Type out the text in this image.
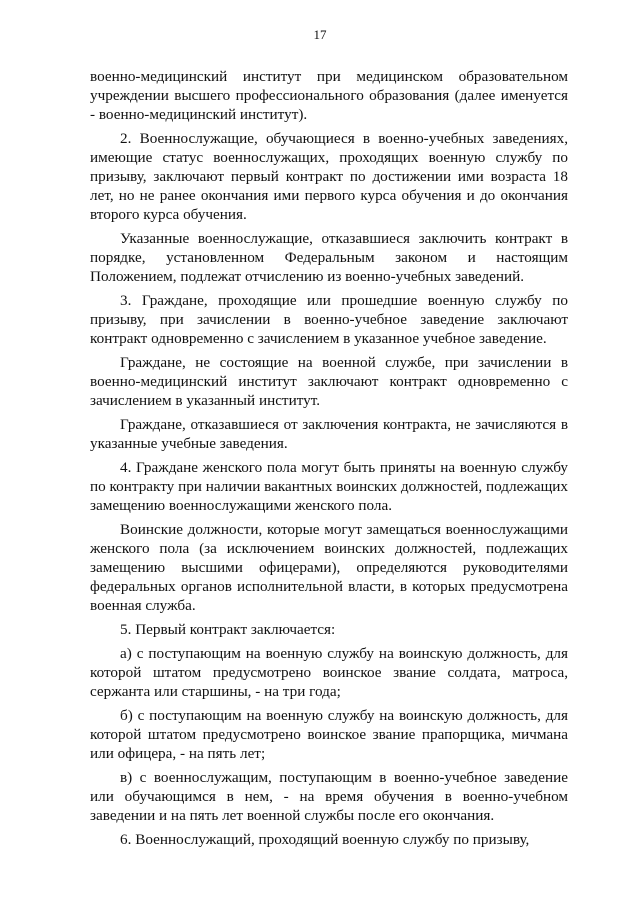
17

военно-медицинский институт при медицинском образовательном учреждении высшего профессионального образования (далее именуется - военно-медицинский институт).

2. Военнослужащие, обучающиеся в военно-учебных заведениях, имеющие статус военнослужащих, проходящих военную службу по призыву, заключают первый контракт по достижении ими возраста 18 лет, но не ранее окончания ими первого курса обучения и до окончания второго курса обучения.

Указанные военнослужащие, отказавшиеся заключить контракт в порядке, установленном Федеральным законом и настоящим Положением, подлежат отчислению из военно-учебных заведений.

3. Граждане, проходящие или прошедшие военную службу по призыву, при зачислении в военно-учебное заведение заключают контракт одновременно с зачислением в указанное учебное заведение.

Граждане, не состоящие на военной службе, при зачислении в военно-медицинский институт заключают контракт одновременно с зачислением в указанный институт.

Граждане, отказавшиеся от заключения контракта, не зачисляются в указанные учебные заведения.

4. Граждане женского пола могут быть приняты на военную службу по контракту при наличии вакантных воинских должностей, подлежащих замещению военнослужащими женского пола.

Воинские должности, которые могут замещаться военнослужащими женского пола (за исключением воинских должностей, подлежащих замещению высшими офицерами), определяются руководителями федеральных органов исполнительной власти, в которых предусмотрена военная служба.

5. Первый контракт заключается:

а) с поступающим на военную службу на воинскую должность, для которой штатом предусмотрено воинское звание солдата, матроса, сержанта или старшины, - на три года;

б) с поступающим на военную службу на воинскую должность, для которой штатом предусмотрено воинское звание прапорщика, мичмана или офицера, - на пять лет;

в) с военнослужащим, поступающим в военно-учебное заведение или обучающимся в нем, - на время обучения в военно-учебном заведении и на пять лет военной службы после его окончания.

6. Военнослужащий, проходящий военную службу по призыву,
